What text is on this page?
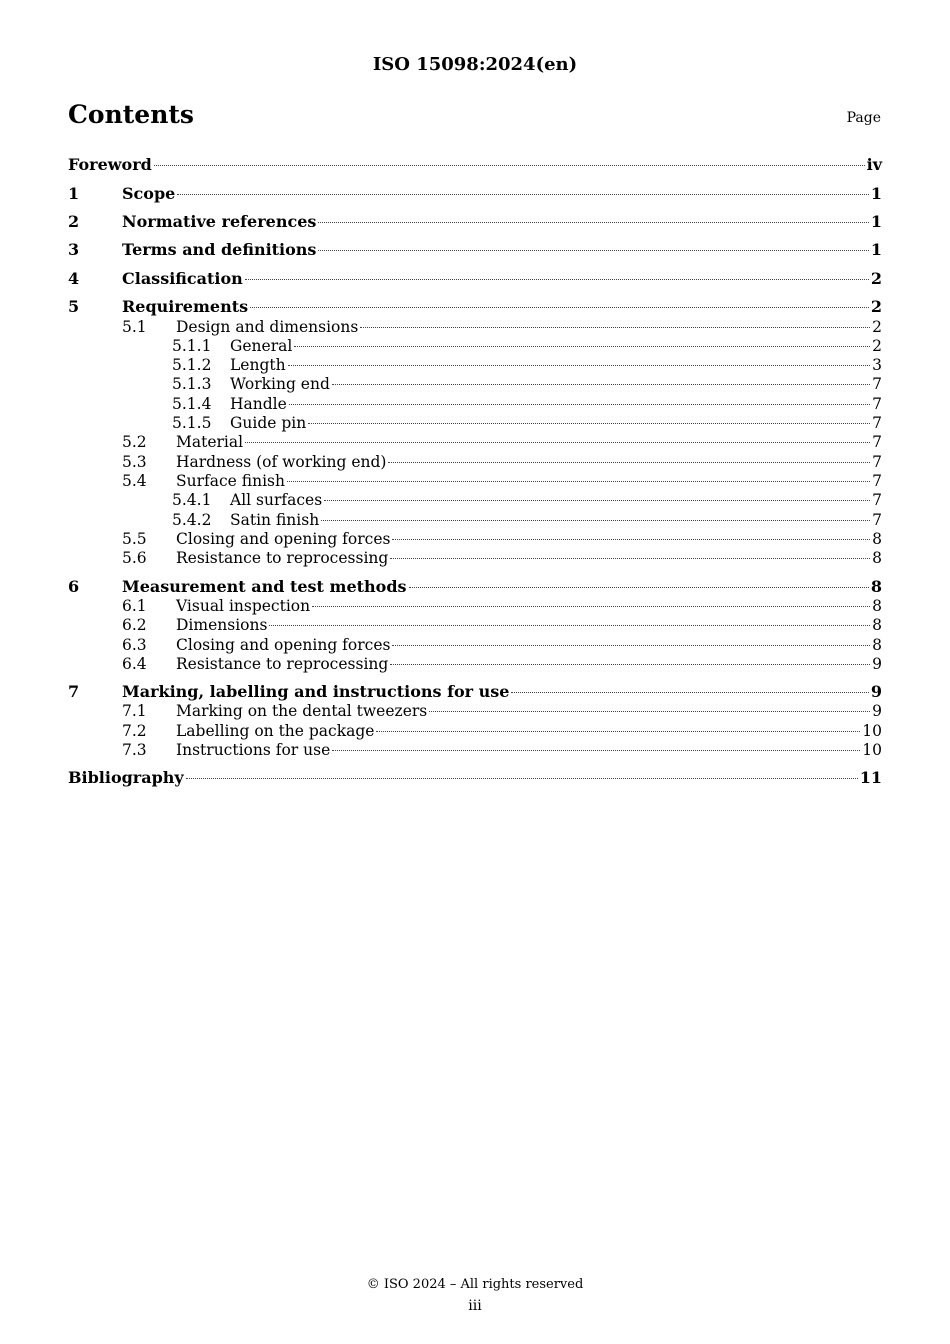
ISO 15098:2024(en)
Contents	Page
Foreword	iv
1	Scope	1
2	Normative references	1
3	Terms and definitions	1
4	Classification	2
5	Requirements	2
5.1	Design and dimensions	2
5.1.1	General	2
5.1.2	Length	3
5.1.3	Working end	7
5.1.4	Handle	7
5.1.5	Guide pin	7
5.2	Material	7
5.3	Hardness (of working end)	7
5.4	Surface finish	7
5.4.1	All surfaces	7
5.4.2	Satin finish	7
5.5	Closing and opening forces	8
5.6	Resistance to reprocessing	8
6	Measurement and test methods	8
6.1	Visual inspection	8
6.2	Dimensions	8
6.3	Closing and opening forces	8
6.4	Resistance to reprocessing	9
7	Marking, labelling and instructions for use	9
7.1	Marking on the dental tweezers	9
7.2	Labelling on the package	10
7.3	Instructions for use	10
Bibliography	11
© ISO 2024 – All rights reserved
iii
